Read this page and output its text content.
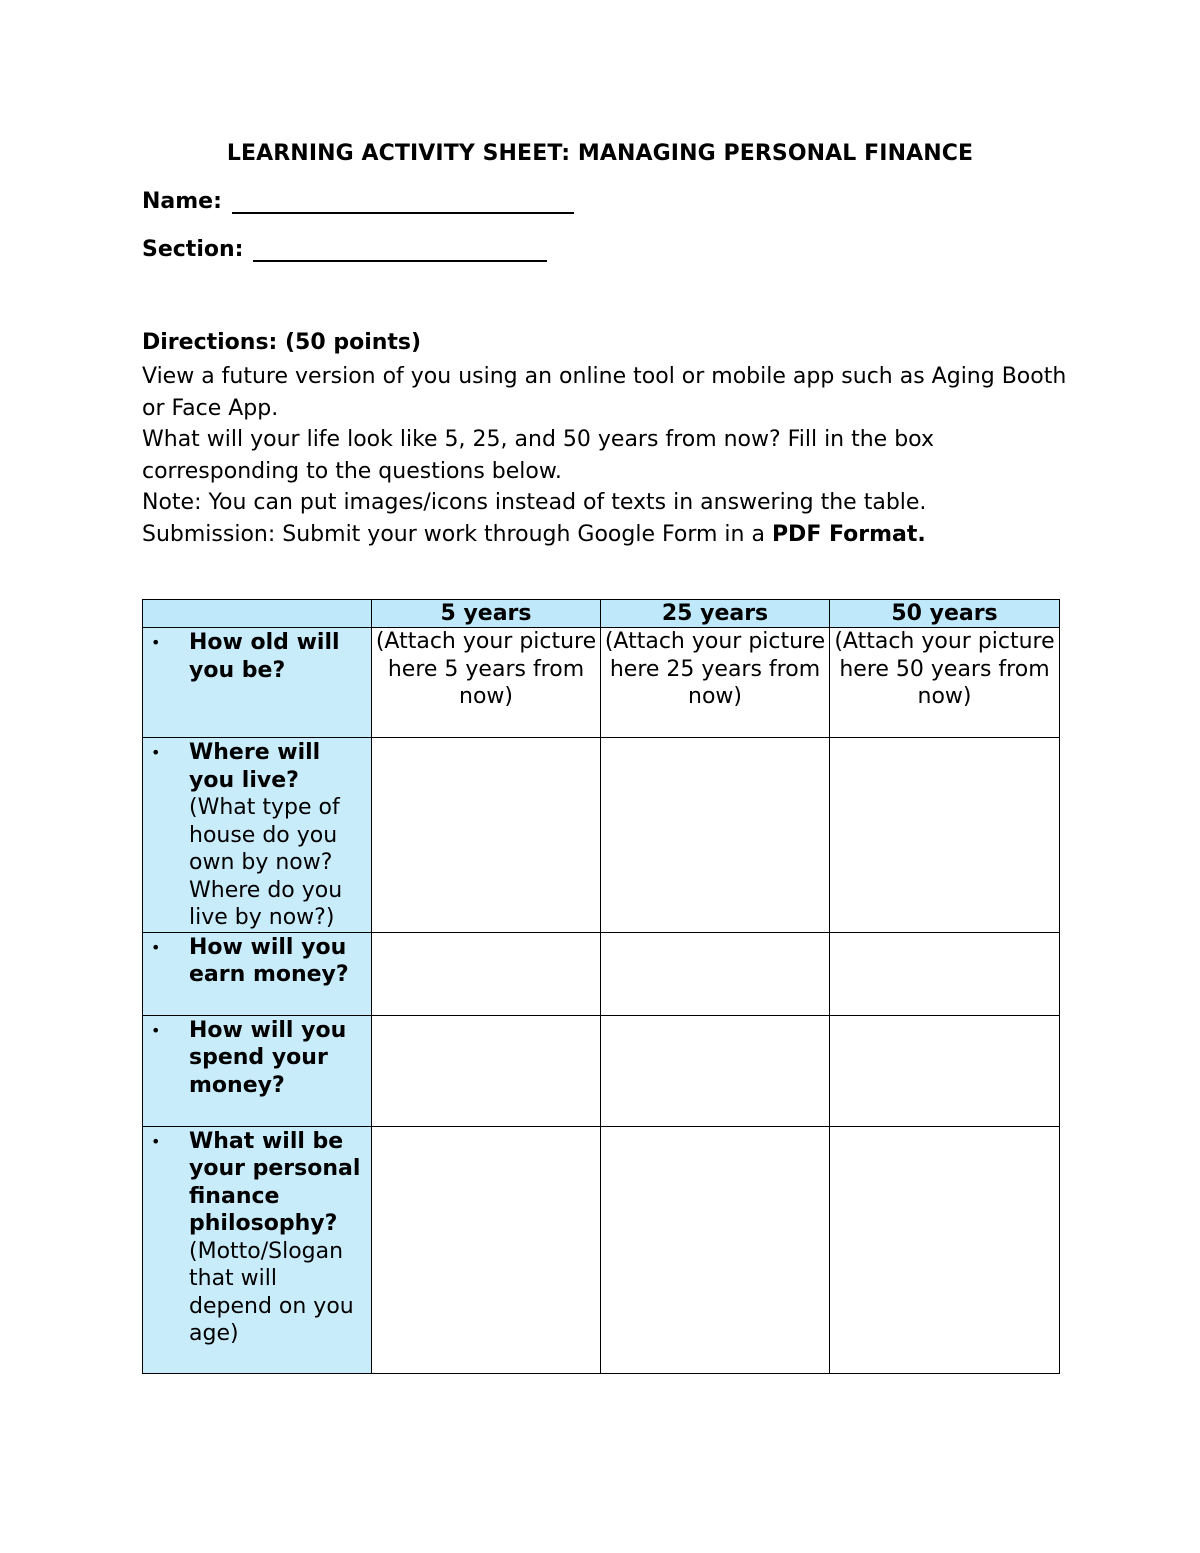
LEARNING ACTIVITY SHEET: MANAGING PERSONAL FINANCE
Name:
Section:
Directions: (50 points)

View a future version of you using an online tool or mobile app such as Aging Booth or Face App.

What will your life look like 5, 25, and 50 years from now? Fill in the box corresponding to the questions below.

Note: You can put images/icons instead of texts in answering the table.

Submission: Submit your work through Google Form in a PDF Format.

	5 years	25 years	50 years

• How old will you be?	(Attach your picture here 5 years from now)	(Attach your picture here 25 years from now)	(Attach your picture here 50 years from now)

• Where will you live?
(What type of house do you own by now? Where do you live by now?)			

• How will you earn money?			

• How will you spend your money?			

• What will be your personal finance philosophy?
(Motto/Slogan that will depend on you age)			
